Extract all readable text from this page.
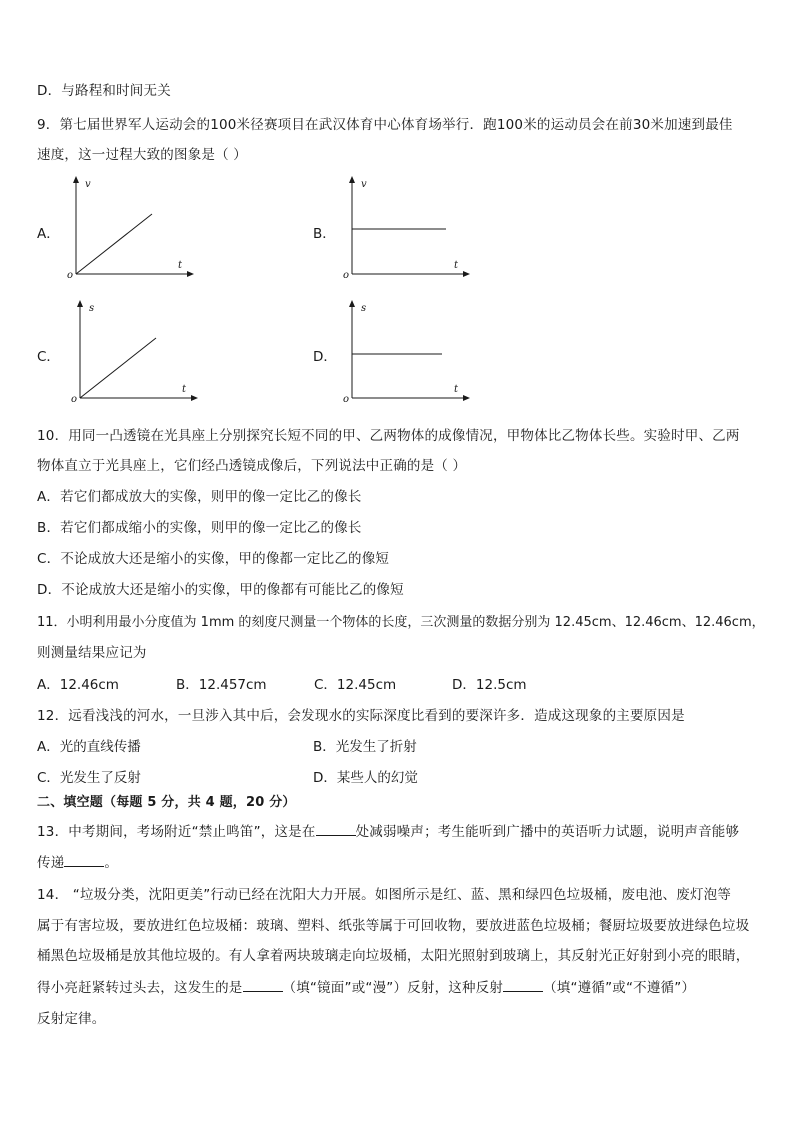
D．与路程和时间无关
9．第七届世界军人运动会的100米径赛项目在武汉体育中心体育场举行．跑100米的运动员会在前30米加速到最佳
速度，这一过程大致的图象是（ ）
A．
v
t
o
B．
v
t
o
C．
s
t
o
D．
s
t
o
10．用同一凸透镜在光具座上分别探究长短不同的甲、乙两物体的成像情况，甲物体比乙物体长些。实验时甲、乙两
物体直立于光具座上，它们经凸透镜成像后，下列说法中正确的是（ ）
A．若它们都成放大的实像，则甲的像一定比乙的像长
B．若它们都成缩小的实像，则甲的像一定比乙的像长
C．不论成放大还是缩小的实像，甲的像都一定比乙的像短
D．不论成放大还是缩小的实像，甲的像都有可能比乙的像短
11．小明利用最小分度值为 1mm 的刻度尺测量一个物体的长度，三次测量的数据分别为 12.45cm、12.46cm、12.46cm，
则测量结果应记为
A．12.46cm	B．12.457cm	C．12.45cm	D．12.5cm
12．远看浅浅的河水，一旦涉入其中后，会发现水的实际深度比看到的要深许多．造成这现象的主要原因是
A．光的直线传播	B．光发生了折射
C．光发生了反射	D．某些人的幻觉
二、填空题（每题 5 分，共 4 题，20 分）
13．中考期间，考场附近“禁止鸣笛”，这是在	处减弱噪声；考生能听到广播中的英语听力试题，说明声音能够
传递	。
14． “垃圾分类，沈阳更美”行动已经在沈阳大力开展。如图所示是红、蓝、黑和绿四色垃圾桶，废电池、废灯泡等
属于有害垃圾，要放进红色垃圾桶：玻璃、塑料、纸张等属于可回收物，要放进蓝色垃圾桶；餐厨垃圾要放进绿色垃圾
桶黑色垃圾桶是放其他垃圾的。有人拿着两块玻璃走向垃圾桶，太阳光照射到玻璃上，其反射光正好射到小亮的眼睛，
得小亮赶紧转过头去，这发生的是	（填“镜面”或“漫”）反射，这种反射	（填“遵循”或“不遵循”）
反射定律。
